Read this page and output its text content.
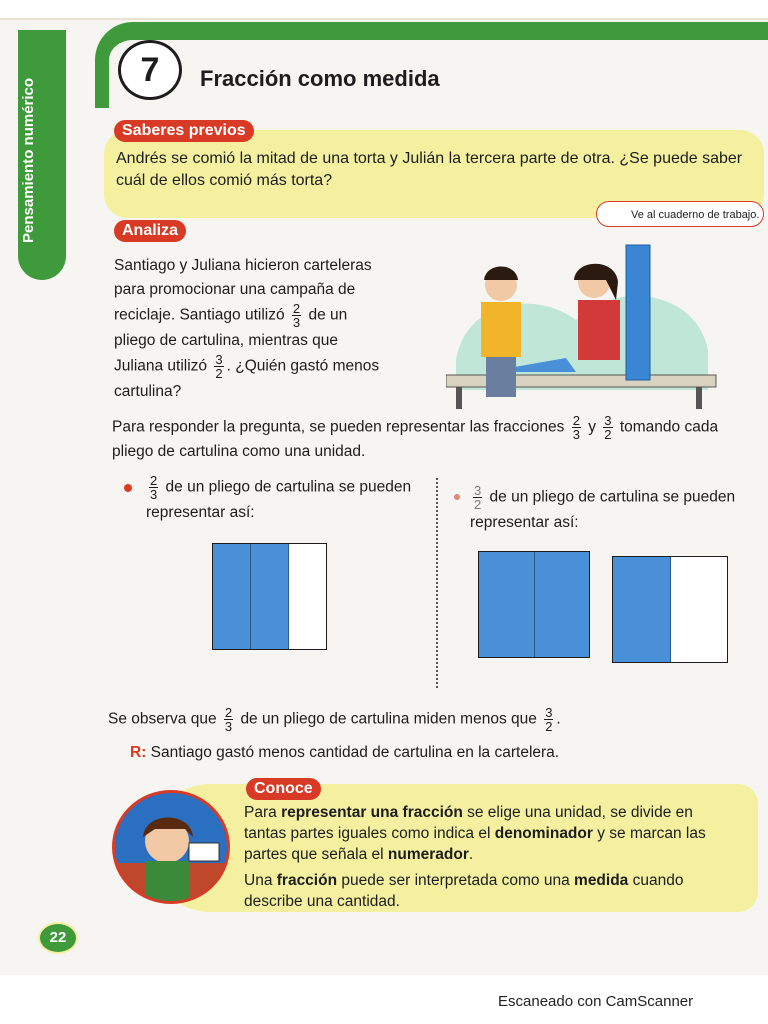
Pensamiento numérico
7	Fracción como medida
Saberes previos
Andrés se comió la mitad de una torta y Julián la tercera parte de otra. ¿Se puede saber cuál de ellos comió más torta?
Ve al cuaderno de trabajo.
Analiza
Santiago y Juliana hicieron carteleras para promocionar una campaña de reciclaje. Santiago utilizó $\frac{2}{3}$ de un pliego de cartulina, mientras que Juliana utilizó $\frac{3}{2}$ . ¿Quién gastó menos cartulina?
Para responder la pregunta, se pueden representar las fracciones $\frac{2}{3}$ y $\frac{3}{2}$ tomando cada pliego de cartulina como una unidad.
$\frac{2}{3}$ de un pliego de cartulina se pueden representar así:
$\frac{3}{2}$ de un pliego de cartulina se pueden representar así:
Se observa que $\frac{2}{3}$ de un pliego de cartulina miden menos que $\frac{3}{2}$ .
R: Santiago gastó menos cantidad de cartulina en la cartelera.
Conoce
Para representar una fracción se elige una unidad, se divide en tantas partes iguales como indica el denominador y se marcan las partes que señala el numerador.
Una fracción puede ser interpretada como una medida cuando describe una cantidad.
22
Escaneado con CamScanner
